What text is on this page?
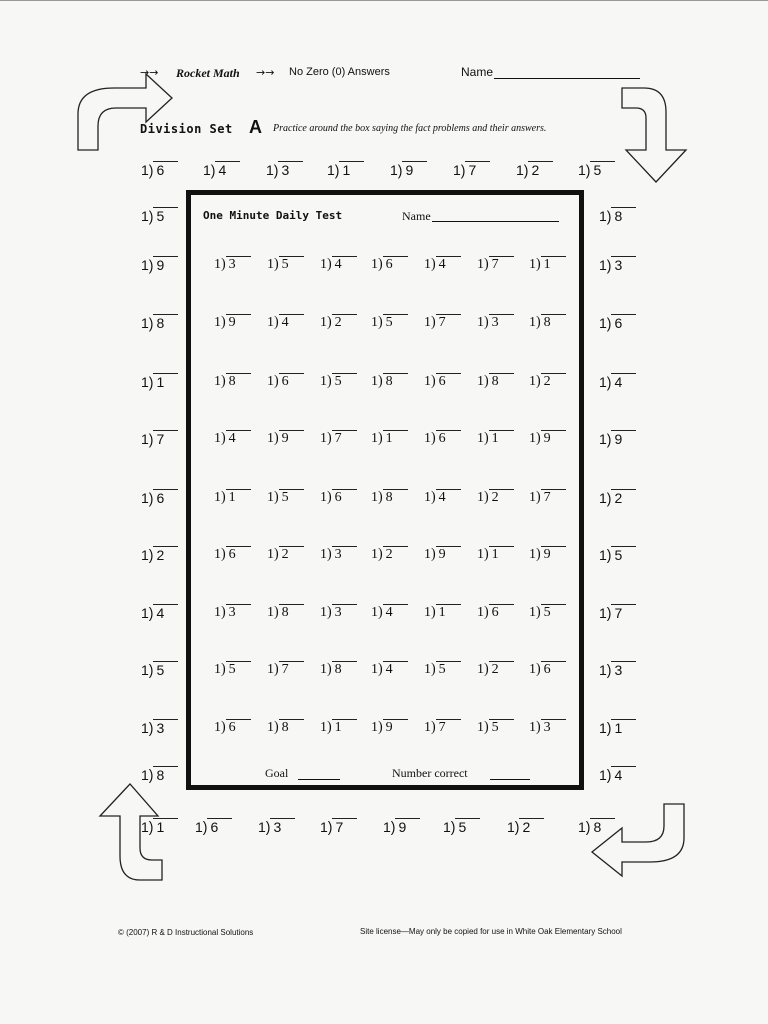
→→ Rocket Math →→ No Zero (0) Answers	Name
Division Set A Practice around the box saying the fact problems and their answers.
One Minute Daily Test	Name
Goal	Number correct
1 ) 6	1 ) 4	1 ) 3	1 ) 1	1 ) 9	1 ) 7	1 ) 2	1 ) 5
1 ) 1	1 ) 6	1 ) 3	1 ) 7	1 ) 9	1 ) 5	1 ) 2	1 ) 8
1 ) 5
1 ) 9
1 ) 8
1 ) 1
1 ) 7
1 ) 6
1 ) 2
1 ) 4
1 ) 5
1 ) 3
1 ) 8
1 ) 8
1 ) 3
1 ) 6
1 ) 4
1 ) 9
1 ) 2
1 ) 5
1 ) 7
1 ) 3
1 ) 1
1 ) 4
1 ) 3	1 ) 5	1 ) 4	1 ) 6	1 ) 4	1 ) 7	1 ) 1
1 ) 9	1 ) 4	1 ) 2	1 ) 5	1 ) 7	1 ) 3	1 ) 8
1 ) 8	1 ) 6	1 ) 5	1 ) 8	1 ) 6	1 ) 8	1 ) 2
1 ) 4	1 ) 9	1 ) 7	1 ) 1	1 ) 6	1 ) 1	1 ) 9
1 ) 1	1 ) 5	1 ) 6	1 ) 8	1 ) 4	1 ) 2	1 ) 7
1 ) 6	1 ) 2	1 ) 3	1 ) 2	1 ) 9	1 ) 1	1 ) 9
1 ) 3	1 ) 8	1 ) 3	1 ) 4	1 ) 1	1 ) 6	1 ) 5
1 ) 5	1 ) 7	1 ) 8	1 ) 4	1 ) 5	1 ) 2	1 ) 6
1 ) 6	1 ) 8	1 ) 1	1 ) 9	1 ) 7	1 ) 5	1 ) 3
© (2007) R & D Instructional Solutions	Site license—May only be copied for use in White Oak Elementary School
